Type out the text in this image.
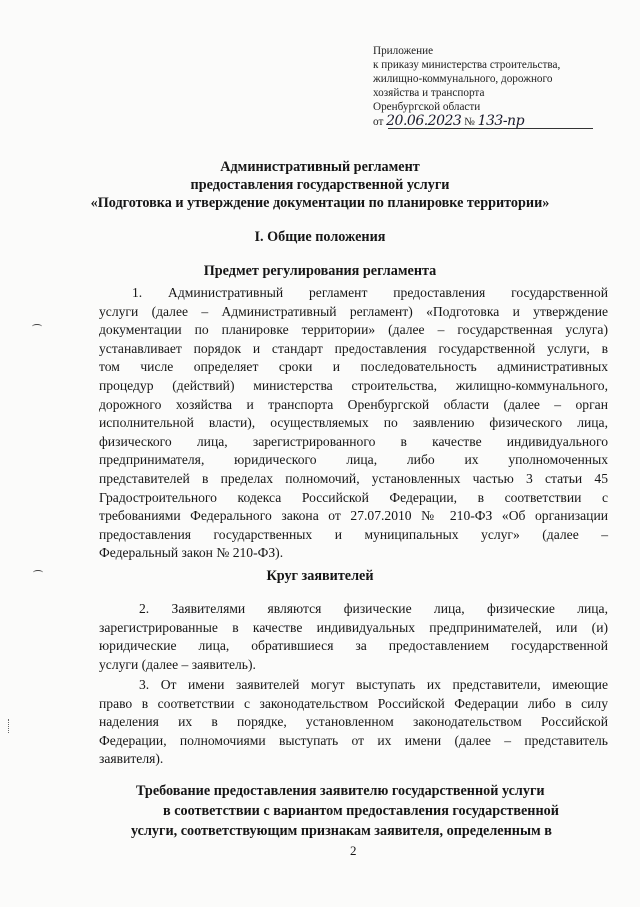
Приложение
к приказу министерства строительства,
жилищно-коммунального, дорожного
хозяйства и транспорта
Оренбургской области
от 20.06.2023 № 133-пр
Административный регламент
предоставления государственной услуги
«Подготовка и утверждение документации по планировке территории»
I. Общие положения
Предмет регулирования регламента
1. Административный регламент предоставления государственной
услуги (далее – Административный регламент) «Подготовка и утверждение
документации по планировке территории» (далее – государственная услуга)
устанавливает порядок и стандарт предоставления государственной услуги, в
том числе определяет сроки и последовательность административных
процедур (действий) министерства строительства, жилищно-коммунального,
дорожного хозяйства и транспорта Оренбургской области (далее – орган
исполнительной власти), осуществляемых по заявлению физического лица,
физического лица, зарегистрированного в качестве индивидуального
предпринимателя, юридического лица, либо их уполномоченных
представителей в пределах полномочий, установленных частью 3 статьи 45
Градостроительного кодекса Российской Федерации, в соответствии с
требованиями Федерального закона от 27.07.2010 № 210-ФЗ «Об организации
предоставления государственных и муниципальных услуг» (далее –
Федеральный закон № 210-ФЗ).
Круг заявителей
2. Заявителями являются физические лица, физические лица,
зарегистрированные в качестве индивидуальных предпринимателей, или (и)
юридические лица, обратившиеся за предоставлением государственной
услуги (далее – заявитель).
3. От имени заявителей могут выступать их представители, имеющие
право в соответствии с законодательством Российской Федерации либо в силу
наделения их в порядке, установленном законодательством Российской
Федерации, полномочиями выступать от их имени (далее – представитель
заявителя).
Требование предоставления заявителю государственной услуги
в соответствии с вариантом предоставления государственной
услуги, соответствующим признакам заявителя, определенным в
2
